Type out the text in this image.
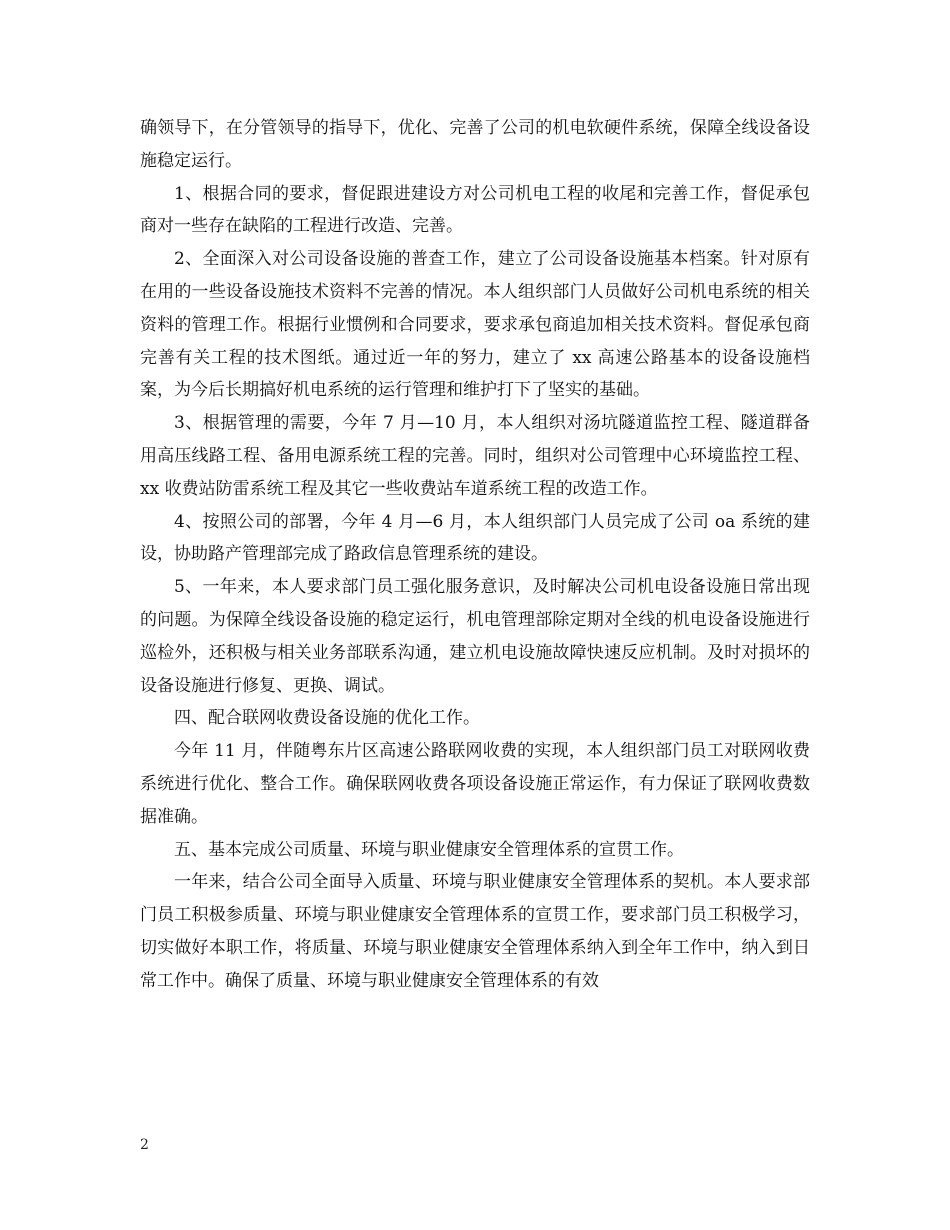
确领导下，在分管领导的指导下，优化、完善了公司的机电软硬件系统，保障全线设备设施稳定运行。

1、根据合同的要求，督促跟进建设方对公司机电工程的收尾和完善工作，督促承包商对一些存在缺陷的工程进行改造、完善。

2、全面深入对公司设备设施的普查工作，建立了公司设备设施基本档案。针对原有在用的一些设备设施技术资料不完善的情况。本人组织部门人员做好公司机电系统的相关资料的管理工作。根据行业惯例和合同要求，要求承包商追加相关技术资料。督促承包商完善有关工程的技术图纸。通过近一年的努力，建立了 xx 高速公路基本的设备设施档案，为今后长期搞好机电系统的运行管理和维护打下了坚实的基础。

3、根据管理的需要，今年 7 月—10 月，本人组织对汤坑隧道监控工程、隧道群备用高压线路工程、备用电源系统工程的完善。同时，组织对公司管理中心环境监控工程、xx 收费站防雷系统工程及其它一些收费站车道系统工程的改造工作。

4、按照公司的部署，今年 4 月—6 月，本人组织部门人员完成了公司 oa 系统的建设，协助路产管理部完成了路政信息管理系统的建设。

5、一年来，本人要求部门员工强化服务意识，及时解决公司机电设备设施日常出现的问题。为保障全线设备设施的稳定运行，机电管理部除定期对全线的机电设备设施进行巡检外，还积极与相关业务部联系沟通，建立机电设施故障快速反应机制。及时对损坏的设备设施进行修复、更换、调试。

四、配合联网收费设备设施的优化工作。

今年 11 月，伴随粤东片区高速公路联网收费的实现，本人组织部门员工对联网收费系统进行优化、整合工作。确保联网收费各项设备设施正常运作，有力保证了联网收费数据准确。

五、基本完成公司质量、环境与职业健康安全管理体系的宣贯工作。

一年来，结合公司全面导入质量、环境与职业健康安全管理体系的契机。本人要求部门员工积极参质量、环境与职业健康安全管理体系的宣贯工作，要求部门员工积极学习，切实做好本职工作，将质量、环境与职业健康安全管理体系纳入到全年工作中，纳入到日常工作中。确保了质量、环境与职业健康安全管理体系的有效

2
